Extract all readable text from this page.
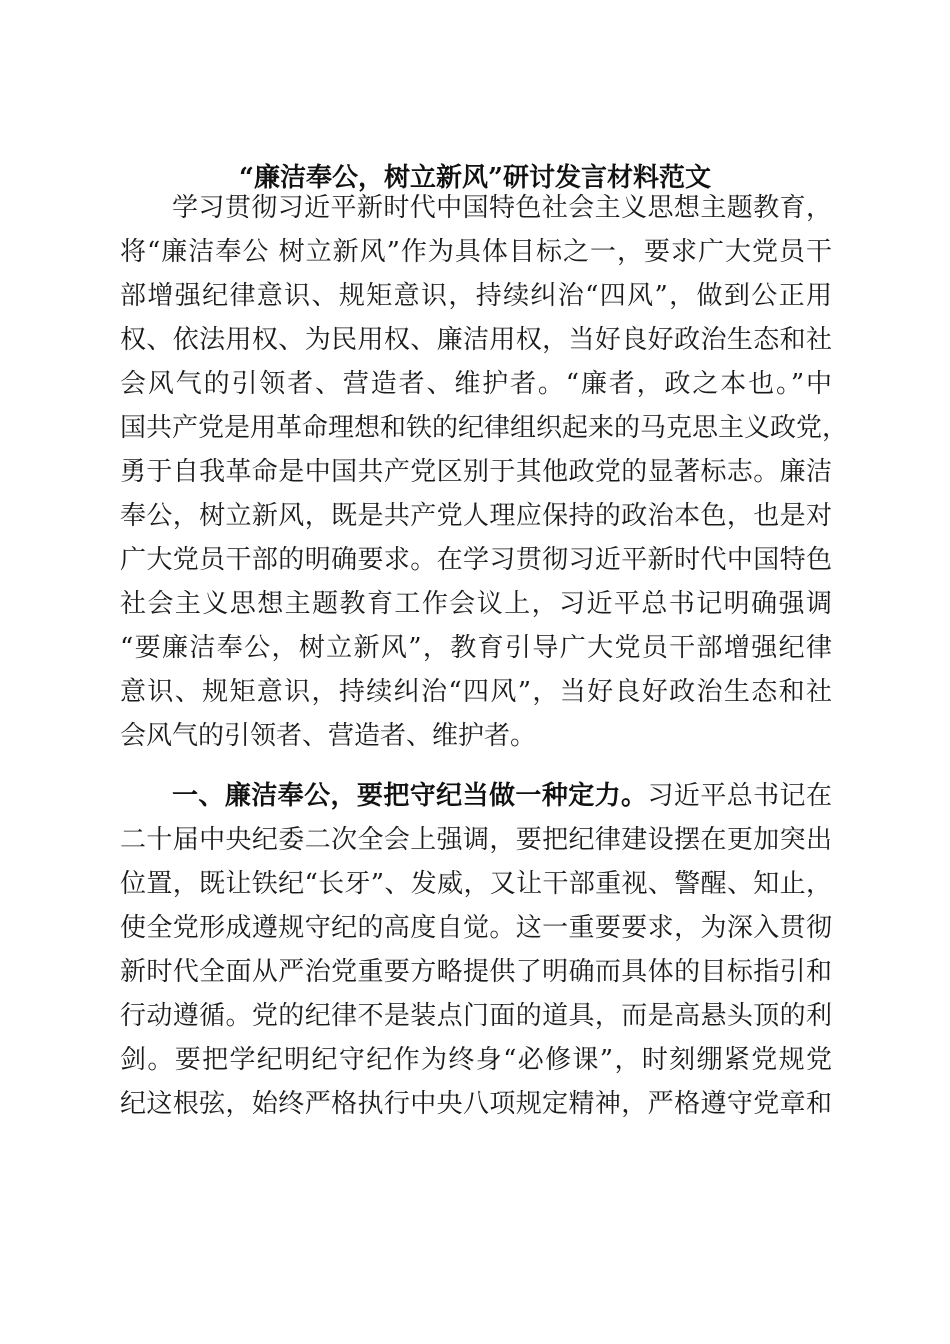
“廉洁奉公，树立新风”研讨发言材料范文
学习贯彻习近平新时代中国特色社会主义思想主题教育，
将“廉洁奉公 树立新风”作为具体目标之一，要求广大党员干
部增强纪律意识、规矩意识，持续纠治“四风”，做到公正用
权、依法用权、为民用权、廉洁用权，当好良好政治生态和社
会风气的引领者、营造者、维护者。“廉者，政之本也。”中
国共产党是用革命理想和铁的纪律组织起来的马克思主义政党，
勇于自我革命是中国共产党区别于其他政党的显著标志。廉洁
奉公，树立新风，既是共产党人理应保持的政治本色，也是对
广大党员干部的明确要求。在学习贯彻习近平新时代中国特色
社会主义思想主题教育工作会议上，习近平总书记明确强调
“要廉洁奉公，树立新风”，教育引导广大党员干部增强纪律
意识、规矩意识，持续纠治“四风”，当好良好政治生态和社
会风气的引领者、营造者、维护者。
一、廉洁奉公，要把守纪当做一种定力。习近平总书记在
二十届中央纪委二次全会上强调，要把纪律建设摆在更加突出
位置，既让铁纪“长牙”、发威，又让干部重视、警醒、知止，
使全党形成遵规守纪的高度自觉。这一重要要求，为深入贯彻
新时代全面从严治党重要方略提供了明确而具体的目标指引和
行动遵循。党的纪律不是装点门面的道具，而是高悬头顶的利
剑。要把学纪明纪守纪作为终身“必修课”，时刻绷紧党规党
纪这根弦，始终严格执行中央八项规定精神，严格遵守党章和
